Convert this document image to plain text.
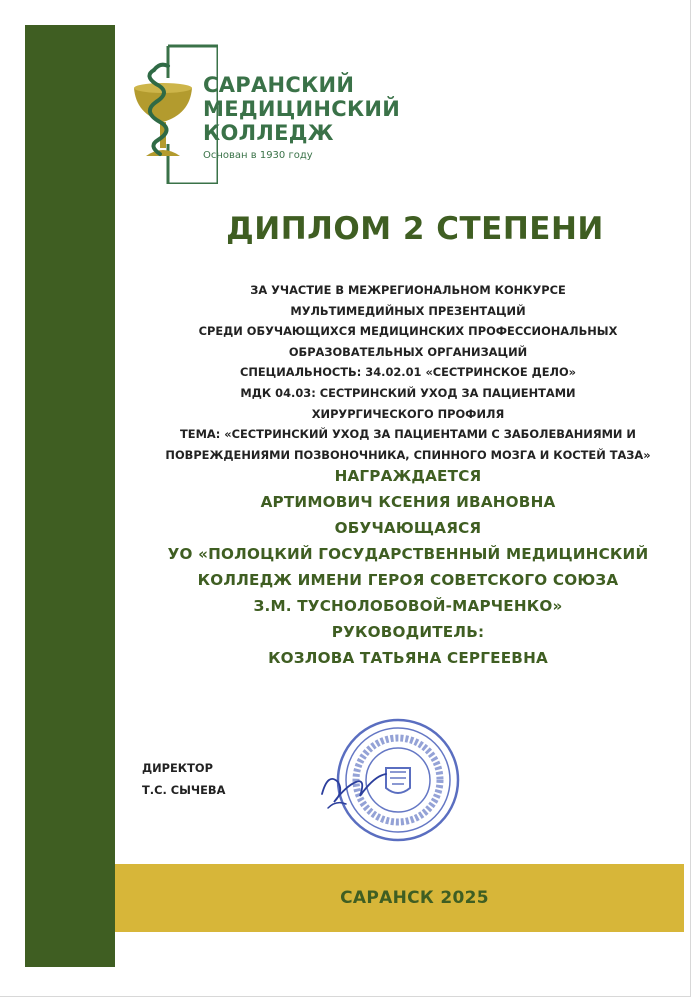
САРАНСКИЙ
МЕДИЦИНСКИЙ
КОЛЛЕДЖ
Основан в 1930 году
ДИПЛОМ 2 СТЕПЕНИ
ЗА УЧАСТИЕ В МЕЖРЕГИОНАЛЬНОМ КОНКУРСЕ
МУЛЬТИМЕДИЙНЫХ ПРЕЗЕНТАЦИЙ
СРЕДИ ОБУЧАЮЩИХСЯ МЕДИЦИНСКИХ ПРОФЕССИОНАЛЬНЫХ
ОБРАЗОВАТЕЛЬНЫХ ОРГАНИЗАЦИЙ
СПЕЦИАЛЬНОСТЬ: 34.02.01 «СЕСТРИНСКОЕ ДЕЛО»
МДК 04.03: СЕСТРИНСКИЙ УХОД ЗА ПАЦИЕНТАМИ
ХИРУРГИЧЕСКОГО ПРОФИЛЯ
ТЕМА: «СЕСТРИНСКИЙ УХОД ЗА ПАЦИЕНТАМИ С ЗАБОЛЕВАНИЯМИ И
ПОВРЕЖДЕНИЯМИ ПОЗВОНОЧНИКА, СПИННОГО МОЗГА И КОСТЕЙ ТАЗА»
НАГРАЖДАЕТСЯ
АРТИМОВИЧ КСЕНИЯ ИВАНОВНА
ОБУЧАЮЩАЯСЯ
УО «ПОЛОЦКИЙ ГОСУДАРСТВЕННЫЙ МЕДИЦИНСКИЙ
КОЛЛЕДЖ ИМЕНИ ГЕРОЯ СОВЕТСКОГО СОЮЗА
З.М. ТУСНОЛОБОВОЙ-МАРЧЕНКО»
РУКОВОДИТЕЛЬ:
КОЗЛОВА ТАТЬЯНА СЕРГЕЕВНА
ДИРЕКТОР
Т.С. СЫЧЕВА
САРАНСК 2025
